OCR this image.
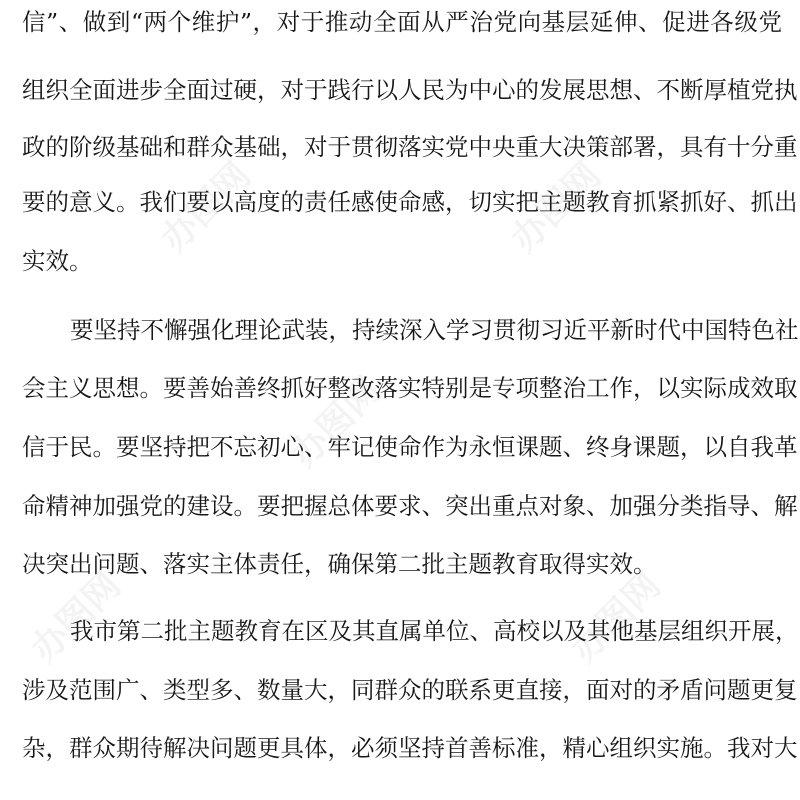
办图网	办图网
办图网
办图网	办图网
信”、做到“两个维护”，对于推动全面从严治党向基层延伸、促进各级党
组织全面进步全面过硬，对于践行以人民为中心的发展思想、不断厚植党执
政的阶级基础和群众基础，对于贯彻落实党中央重大决策部署，具有十分重
要的意义。我们要以高度的责任感使命感，切实把主题教育抓紧抓好、抓出
实效。
要坚持不懈强化理论武装，持续深入学习贯彻习近平新时代中国特色社
会主义思想。要善始善终抓好整改落实特别是专项整治工作，以实际成效取
信于民。要坚持把不忘初心、牢记使命作为永恒课题、终身课题，以自我革
命精神加强党的建设。要把握总体要求、突出重点对象、加强分类指导、解
决突出问题、落实主体责任，确保第二批主题教育取得实效。
我市第二批主题教育在区及其直属单位、高校以及其他基层组织开展，
涉及范围广、类型多、数量大，同群众的联系更直接，面对的矛盾问题更复
杂，群众期待解决问题更具体，必须坚持首善标准，精心组织实施。我对大
